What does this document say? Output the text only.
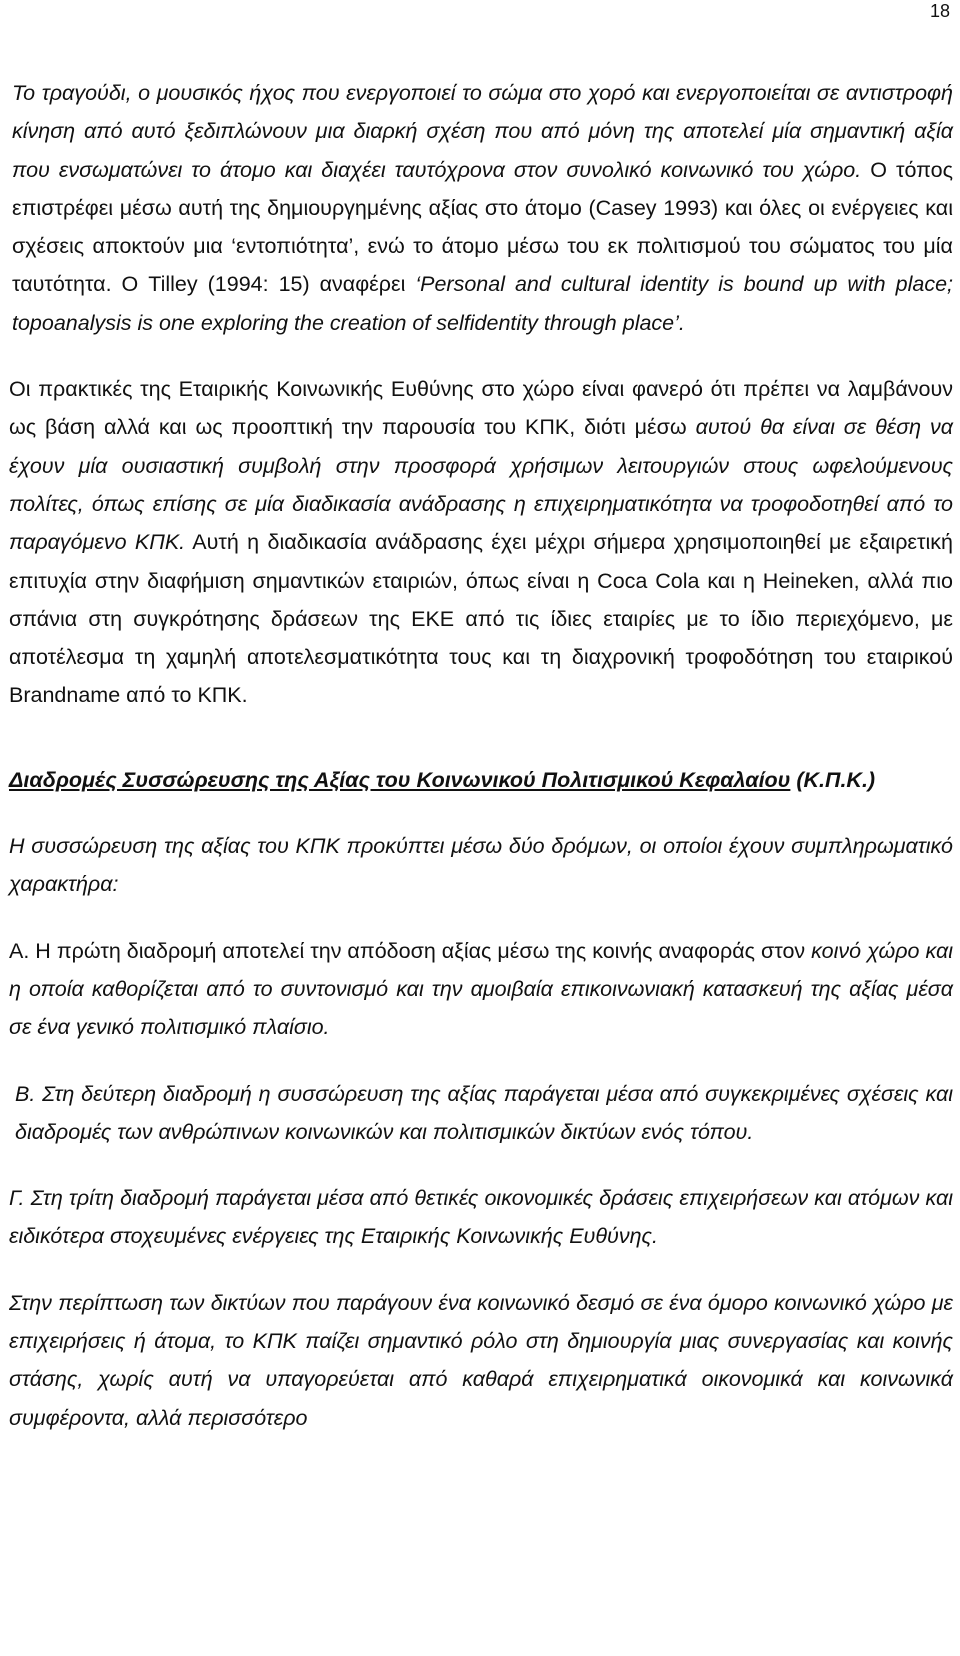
18

Το τραγούδι, ο μουσικός ήχος που ενεργοποιεί το σώμα στο χορό και ενεργοποιείται σε αντιστροφή κίνηση από αυτό ξεδιπλώνουν μια διαρκή σχέση που από μόνη της αποτελεί μία σημαντική αξία που ενσωματώνει το άτομο και διαχέει ταυτόχρονα στον συνολικό κοινωνικό του χώρο. Ο τόπος επιστρέφει μέσω αυτή της δημιουργημένης αξίας στο άτομο (Casey 1993) και όλες οι ενέργειες και σχέσεις αποκτούν μια ‘εντοπιότητα’, ενώ το άτομο μέσω του εκ πολιτισμού του σώματος του μία ταυτότητα. Ο Tilley (1994: 15) αναφέρει ‘Personal and cultural identity is bound up with place; topoanalysis is one exploring the creation of selfidentity through place’.

Οι πρακτικές της Εταιρικής Κοινωνικής Ευθύνης στο χώρο είναι φανερό ότι πρέπει να λαμβάνουν ως βάση αλλά και ως προοπτική την παρουσία του ΚΠΚ, διότι μέσω αυτού θα είναι σε θέση να έχουν μία ουσιαστική συμβολή στην προσφορά χρήσιμων λειτουργιών στους ωφελούμενους πολίτες, όπως επίσης σε μία διαδικασία ανάδρασης η επιχειρηματικότητα να τροφοδοτηθεί από το παραγόμενο ΚΠΚ. Αυτή η διαδικασία ανάδρασης έχει μέχρι σήμερα χρησιμοποιηθεί με εξαιρετική επιτυχία στην διαφήμιση σημαντικών εταιριών, όπως είναι η Coca Cola και η Heineken, αλλά πιο σπάνια στη συγκρότησης δράσεων της ΕΚΕ από τις ίδιες εταιρίες με το ίδιο περιεχόμενο, με αποτέλεσμα τη χαμηλή αποτελεσματικότητα τους και τη διαχρονική τροφοδότηση του εταιρικού Brandname από το ΚΠΚ.

Διαδρομές Συσσώρευσης της Αξίας του Κοινωνικού Πολιτισμικού Κεφαλαίου (Κ.Π.Κ.)

Η συσσώρευση της αξίας του ΚΠΚ προκύπτει μέσω δύο δρόμων, οι οποίοι έχουν συμπληρωματικό χαρακτήρα:

Α. Η πρώτη διαδρομή αποτελεί την απόδοση αξίας μέσω της κοινής αναφοράς στον κοινό χώρο και η οποία καθορίζεται από το συντονισμό και την αμοιβαία επικοινωνιακή κατασκευή της αξίας μέσα σε ένα γενικό πολιτισμικό πλαίσιο.

Β. Στη δεύτερη διαδρομή η συσσώρευση της αξίας παράγεται μέσα από συγκεκριμένες σχέσεις και διαδρομές των ανθρώπινων κοινωνικών και πολιτισμικών δικτύων ενός τόπου.

Γ. Στη τρίτη διαδρομή παράγεται μέσα από θετικές οικονομικές δράσεις επιχειρήσεων και ατόμων και ειδικότερα στοχευμένες ενέργειες της Εταιρικής Κοινωνικής Ευθύνης.

Στην περίπτωση των δικτύων που παράγουν ένα κοινωνικό δεσμό σε ένα όμορο κοινωνικό χώρο με επιχειρήσεις ή άτομα, το ΚΠΚ παίζει σημαντικό ρόλο στη δημιουργία μιας συνεργασίας και κοινής στάσης, χωρίς αυτή να υπαγορεύεται από καθαρά επιχειρηματικά οικονομικά και κοινωνικά συμφέροντα, αλλά περισσότερο
